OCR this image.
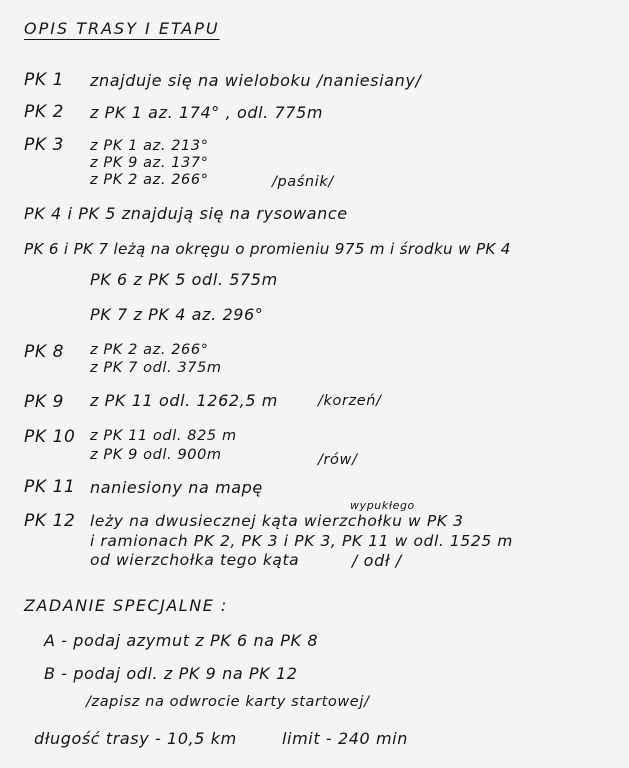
OPIS TRASY I ETAPU
PK 1 znajduje się na wieloboku /naniesiany/
PK 2 z PK 1 az. 174° , odl. 775m
PK 3 z PK 1 az. 213°
z PK 9 az. 137°
z PK 2 az. 266°	/paśnik/
PK 4 i PK 5 znajdują się na rysowance
PK 6 i PK 7 leżą na okręgu o promieniu 975 m i środku w PK 4
PK 6 z PK 5 odl. 575m
PK 7 z PK 4 az. 296°
PK 8 z PK 2 az. 266°
z PK 7 odl. 375m
PK 9 z PK 11 odl. 1262,5 m	/korzeń/
PK 10 z PK 11 odl. 825 m
z PK 9 odl. 900m	/rów/
PK 11 naniesiony na mapę
PK 12
wypukłego
leży na dwusiecznej kąta wierzchołku w PK 3
i ramionach PK 2, PK 3 i PK 3, PK 11 w odl. 1525 m
od wierzchołka tego kąta	/ odł /
ZADANIE SPECJALNE :
A - podaj azymut z PK 6 na PK 8
B - podaj odl. z PK 9 na PK 12
/zapisz na odwrocie karty startowej/
długość trasy - 10,5 km	limit - 240 min
